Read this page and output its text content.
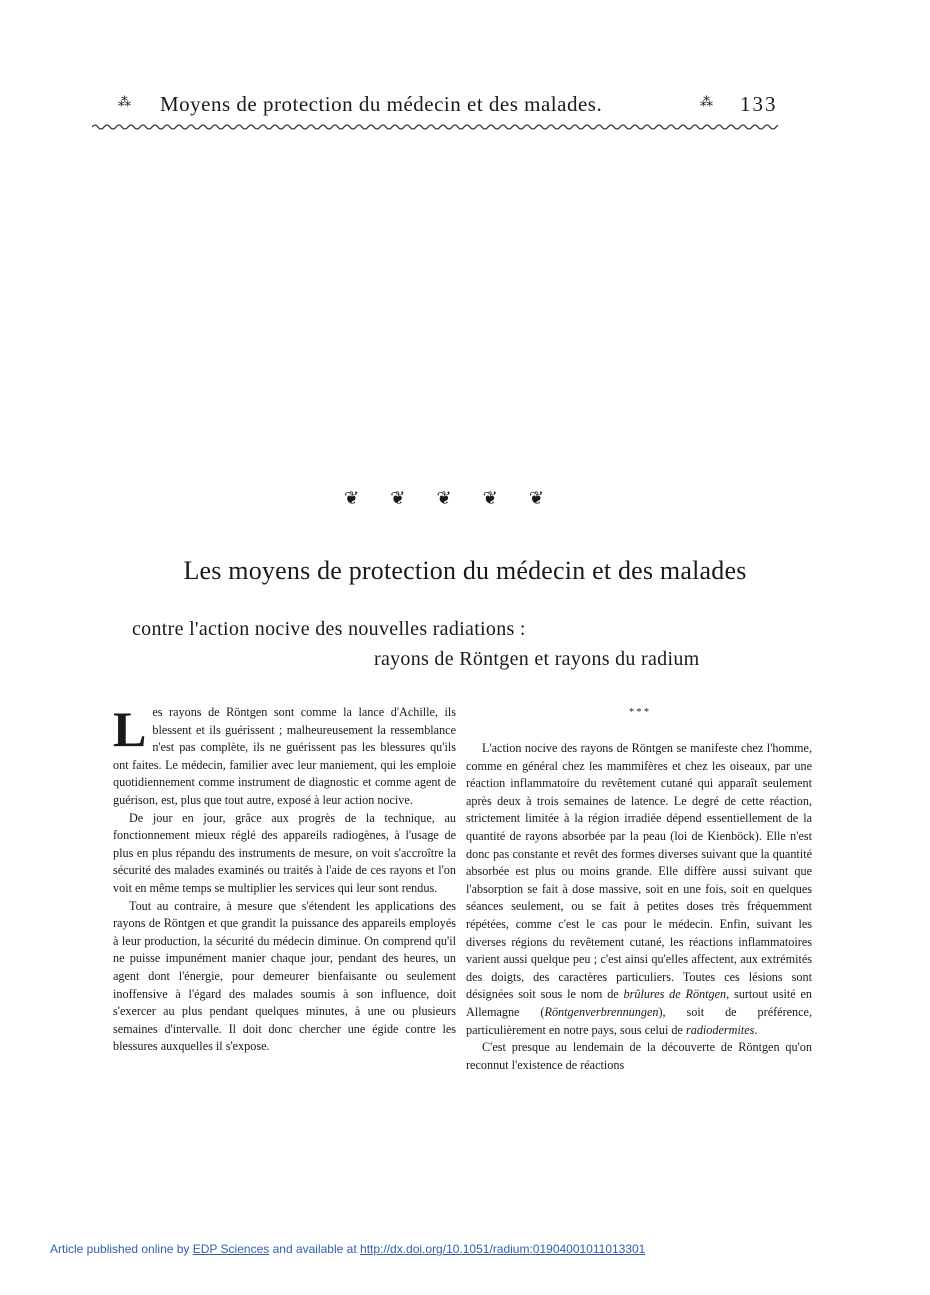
⁂ Moyens de protection du médecin et des malades.	⁂ 133
❦ ❦ ❦ ❦ ❦
Les moyens de protection du médecin et des malades
contre l'action nocive des nouvelles radiations :
rayons de Röntgen et rayons du radium

L es rayons de Röntgen sont comme la lance d'Achille, ils blessent et ils guérissent ; malheureusement la ressemblance n'est pas complète, ils ne guérissent pas les blessures qu'ils ont faites. Le médecin, familier avec leur maniement, qui les emploie quotidiennement comme instrument de diagnostic et comme agent de guérison, est, plus que tout autre, exposé à leur action nocive.

De jour en jour, grâce aux progrès de la technique, au fonctionnement mieux réglé des appareils radiogènes, à l'usage de plus en plus répandu des instruments de mesure, on voit s'accroître la sécurité des malades examinés ou traités à l'aide de ces rayons et l'on voit en même temps se multiplier les services qui leur sont rendus.

Tout au contraire, à mesure que s'étendent les applications des rayons de Röntgen et que grandit la puissance des appareils employés à leur production, la sécurité du médecin diminue. On comprend qu'il ne puisse impunément manier chaque jour, pendant des heures, un agent dont l'énergie, pour demeurer bienfaisante ou seulement inoffensive à l'égard des malades soumis à son influence, doit s'exercer au plus pendant quelques minutes, à une ou plusieurs semaines d'intervalle. Il doit donc chercher une égide contre les blessures auxquelles il s'expose.

* * *

L'action nocive des rayons de Röntgen se manifeste chez l'homme, comme en général chez les mammifères et chez les oiseaux, par une réaction inflammatoire du revêtement cutané qui apparaît seulement après deux à trois semaines de latence. Le degré de cette réaction, strictement limitée à la région irradiée dépend essentiellement de la quantité de rayons absorbée par la peau (loi de Kienböck). Elle n'est donc pas constante et revêt des formes diverses suivant que la quantité absorbée est plus ou moins grande. Elle diffère aussi suivant que l'absorption se fait à dose massive, soit en une fois, soit en quelques séances seulement, ou se fait à petites doses très fréquemment répétées, comme c'est le cas pour le médecin. Enfin, suivant les diverses régions du revêtement cutané, les réactions inflammatoires varient aussi quelque peu ; c'est ainsi qu'elles affectent, aux extrémités des doigts, des caractères particuliers. Toutes ces lésions sont désignées soit sous le nom de brûlures de Röntgen, surtout usité en Allemagne (Röntgenverbrennungen), soit de préférence, particulièrement en notre pays, sous celui de radiodermites.

C'est presque au lendemain de la découverte de Röntgen qu'on reconnut l'existence de réactions

Article published online by EDP Sciences and available at http://dx.doi.org/10.1051/radium:01904001011013301
